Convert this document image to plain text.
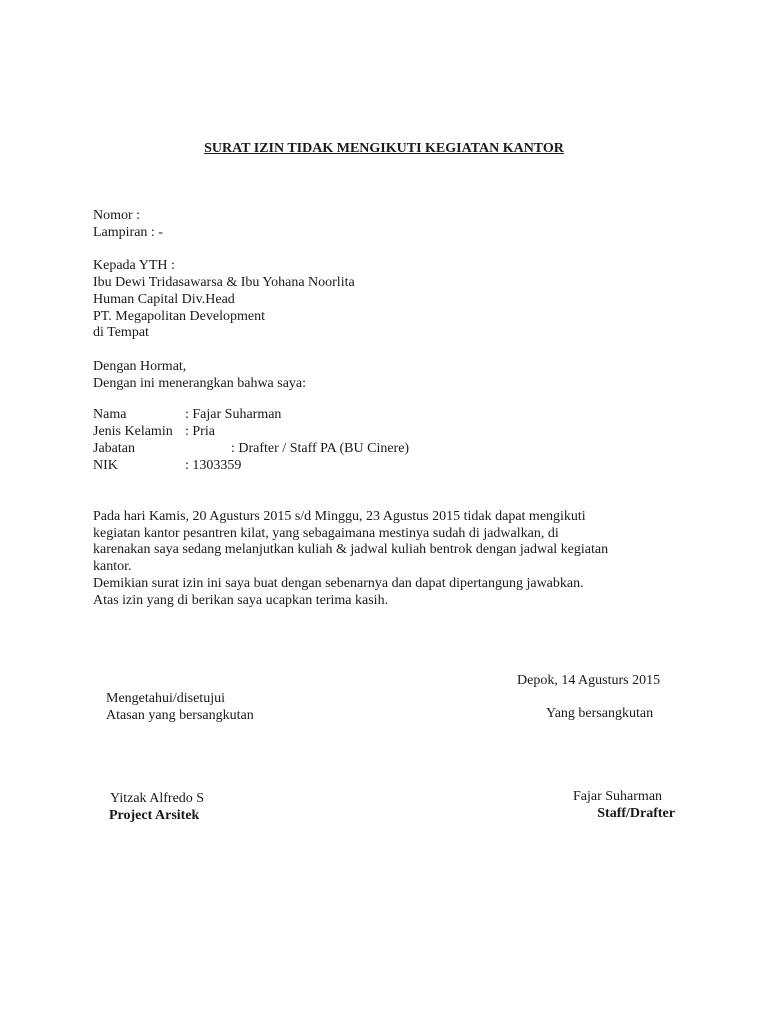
SURAT IZIN TIDAK MENGIKUTI KEGIATAN KANTOR
Nomor :
Lampiran : -
Kepada YTH :
Ibu Dewi Tridasawarsa & Ibu Yohana Noorlita
Human Capital Div.Head
PT. Megapolitan Development
di Tempat
Dengan Hormat,
Dengan ini menerangkan bahwa saya:
Nama	: Fajar Suharman
Jenis Kelamin : Pria
Jabatan	: Drafter / Staff PA (BU Cinere)
NIK	: 1303359
Pada hari Kamis, 20 Agusturs 2015 s/d Minggu, 23 Agustus 2015 tidak dapat mengikuti
kegiatan kantor pesantren kilat, yang sebagaimana mestinya sudah di jadwalkan, di
karenakan saya sedang melanjutkan kuliah & jadwal kuliah bentrok dengan jadwal kegiatan
kantor.
Demikian surat izin ini saya buat dengan sebenarnya dan dapat dipertangung jawabkan.
Atas izin yang di berikan saya ucapkan terima kasih.
Depok, 14 Agusturs 2015
Mengetahui/disetujui
Atasan yang bersangkutan	Yang bersangkutan
Yitzak Alfredo S
Project Arsitek
Fajar Suharman
Staff/Drafter
